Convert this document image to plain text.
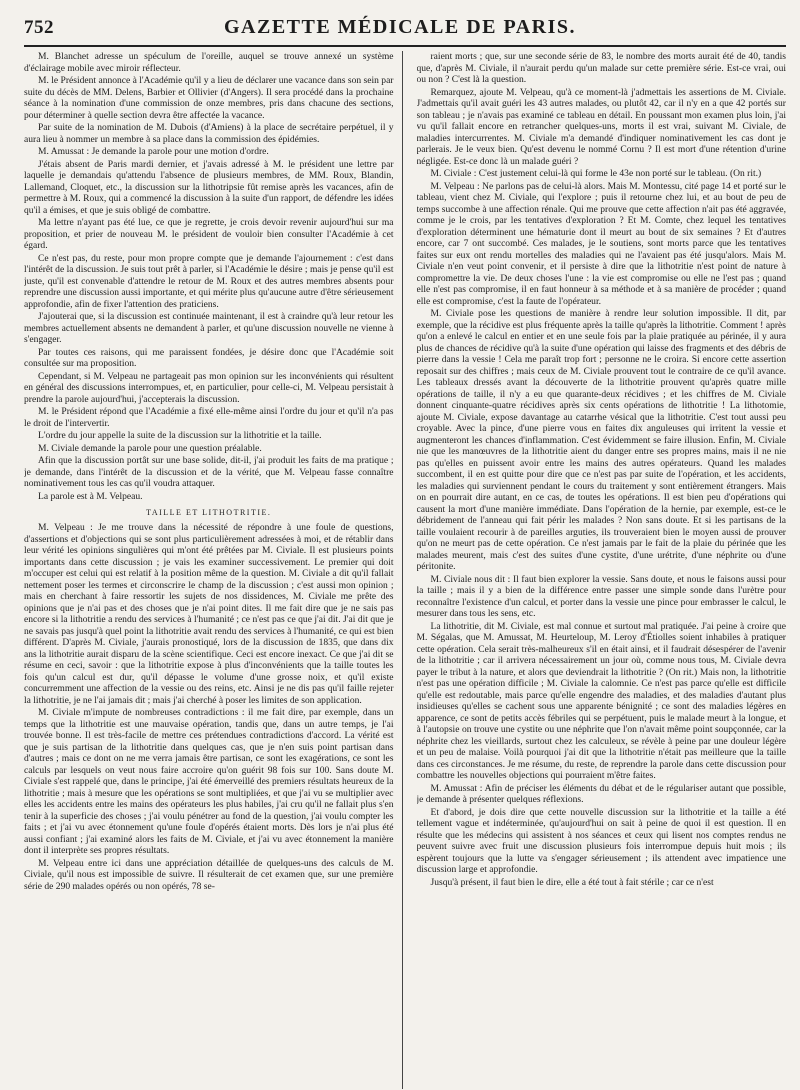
752	GAZETTE MÉDICALE DE PARIS.

M. Blanchet adresse un spéculum de l'oreille, auquel se trouve annexé un système d'éclairage mobile avec miroir réflecteur.

M. le Président annonce à l'Académie qu'il y a lieu de déclarer une vacance dans son sein par suite du décès de MM. Delens, Barbier et Ollivier (d'Angers). Il sera procédé dans la prochaine séance à la nomination d'une commission de onze membres, pris dans chacune des sections, pour déterminer à quelle section devra être affectée la vacance.

Par suite de la nomination de M. Dubois (d'Amiens) à la place de secrétaire perpétuel, il y aura lieu à nommer un membre à sa place dans la commission des épidémies.

M. Amussat : Je demande la parole pour une motion d'ordre.

J'étais absent de Paris mardi dernier, et j'avais adressé à M. le président une lettre par laquelle je demandais qu'attendu l'absence de plusieurs membres, de MM. Roux, Blandin, Lallemand, Cloquet, etc., la discussion sur la lithotripsie fût remise après les vacances, afin de permettre à M. Roux, qui a commencé la discussion à la suite d'un rapport, de défendre les idées qu'il a émises, et que je suis obligé de combattre.

Ma lettre n'ayant pas été lue, ce que je regrette, je crois devoir revenir aujourd'hui sur ma proposition, et prier de nouveau M. le président de vouloir bien consulter l'Académie à cet égard.

Ce n'est pas, du reste, pour mon propre compte que je demande l'ajournement : c'est dans l'intérêt de la discussion. Je suis tout prêt à parler, si l'Académie le désire ; mais je pense qu'il est juste, qu'il est convenable d'attendre le retour de M. Roux et des autres membres absents pour reprendre une discussion aussi importante, et qui mérite plus qu'aucune autre d'être sérieusement approfondie, afin de fixer l'attention des praticiens.

J'ajouterai que, si la discussion est continuée maintenant, il est à craindre qu'à leur retour les membres actuellement absents ne demandent à parler, et qu'une discussion nouvelle ne vienne à s'engager.

Par toutes ces raisons, qui me paraissent fondées, je désire donc que l'Académie soit consultée sur ma proposition.

Cependant, si M. Velpeau ne partageait pas mon opinion sur les inconvénients qui résultent en général des discussions interrompues, et, en particulier, pour celle-ci, M. Velpeau persistait à prendre la parole aujourd'hui, j'accepterais la discussion.

M. le Président répond que l'Académie a fixé elle-même ainsi l'ordre du jour et qu'il n'a pas le droit de l'intervertir.

L'ordre du jour appelle la suite de la discussion sur la lithotritie et la taille.

M. Civiale demande la parole pour une question préalable.

Afin que la discussion portât sur une base solide, dit-il, j'ai produit les faits de ma pratique ; je demande, dans l'intérêt de la discussion et de la vérité, que M. Velpeau fasse connaître nominativement tous les cas qu'il voudra attaquer.

La parole est à M. Velpeau.

TAILLE ET LITHOTRITIE.

M. Velpeau : Je me trouve dans la nécessité de répondre à une foule de questions, d'assertions et d'objections qui se sont plus particulièrement adressées à moi, et de rétablir dans leur vérité les opinions singulières qui m'ont été prêtées par M. Civiale. Il est plusieurs points importants dans cette discussion ; je vais les examiner successivement. Le premier qui doit m'occuper est celui qui est relatif à la position même de la question. M. Civiale a dit qu'il fallait nettement poser les termes et circonscrire le champ de la discussion ; c'est aussi mon opinion ; mais en cherchant à faire ressortir les sujets de nos dissidences, M. Civiale me prête des opinions que je n'ai pas et des choses que je n'ai point dites. Il me fait dire que je ne sais pas encore si la lithotritie a rendu des services à l'humanité ; ce n'est pas ce que j'ai dit. J'ai dit que je ne savais pas jusqu'à quel point la lithotritie avait rendu des services à l'humanité, ce qui est bien différent. D'après M. Civiale, j'aurais pronostiqué, lors de la discussion de 1835, que dans dix ans la lithotritie aurait disparu de la scène scientifique. Ceci est encore inexact. Ce que j'ai dit se résume en ceci, savoir : que la lithotritie expose à plus d'inconvénients que la taille toutes les fois qu'un calcul est dur, qu'il dépasse le volume d'une grosse noix, et qu'il existe concurremment une affection de la vessie ou des reins, etc. Ainsi je ne dis pas qu'il faille rejeter la lithotritie, je ne l'ai jamais dit ; mais j'ai cherché à poser les limites de son application.

M. Civiale m'impute de nombreuses contradictions : il me fait dire, par exemple, dans un temps que la lithotritie est une mauvaise opération, tandis que, dans un autre temps, je l'ai trouvée bonne. Il est très-facile de mettre ces prétendues contradictions d'accord. La vérité est que je suis partisan de la lithotritie dans quelques cas, que je n'en suis point partisan dans d'autres ; mais ce dont on ne me verra jamais être partisan, ce sont les exagérations, ce sont les calculs par lesquels on veut nous faire accroire qu'on guérit 98 fois sur 100. Sans doute M. Civiale s'est rappelé que, dans le principe, j'ai été émerveillé des premiers résultats heureux de la lithotritie ; mais à mesure que les opérations se sont multipliées, et que j'ai vu se multiplier avec elles les accidents entre les mains des opérateurs les plus habiles, j'ai cru qu'il ne fallait plus s'en tenir à la superficie des choses ; j'ai voulu pénétrer au fond de la question, j'ai voulu compter les faits ; et j'ai vu avec étonnement qu'une foule d'opérés étaient morts. Dès lors je n'ai plus été aussi confiant ; j'ai examiné alors les faits de M. Civiale, et j'ai vu avec étonnement la manière dont il interprète ses propres résultats.

M. Velpeau entre ici dans une appréciation détaillée de quelques-uns des calculs de M. Civiale, qu'il nous est impossible de suivre. Il résulterait de cet examen que, sur une première série de 290 malades opérés ou non opérés, 78 se-

raient morts ; que, sur une seconde série de 83, le nombre des morts aurait été de 40, tandis que, d'après M. Civiale, il n'aurait perdu qu'un malade sur cette première série. Est-ce vrai, oui ou non ? C'est là la question.

Remarquez, ajoute M. Velpeau, qu'à ce moment-là j'admettais les assertions de M. Civiale. J'admettais qu'il avait guéri les 43 autres malades, ou plutôt 42, car il n'y en a que 42 portés sur son tableau ; je n'avais pas examiné ce tableau en détail. En poussant mon examen plus loin, j'ai vu qu'il fallait encore en retrancher quelques-uns, morts il est vrai, suivant M. Civiale, de maladies intercurrentes. M. Civiale m'a demandé d'indiquer nominativement les cas dont je parlerais. Je le veux bien. Qu'est devenu le nommé Cornu ? Il est mort d'une rétention d'urine négligée. Est-ce donc là un malade guéri ?

M. Civiale : C'est justement celui-là qui forme le 43e non porté sur le tableau. (On rit.)

M. Velpeau : Ne parlons pas de celui-là alors. Mais M. Montessu, cité page 14 et porté sur le tableau, vient chez M. Civiale, qui l'explore ; puis il retourne chez lui, et au bout de peu de temps succombe à une affection rénale. Qui me prouve que cette affection n'ait pas été aggravée, comme je le crois, par les tentatives d'exploration ? Et M. Comte, chez lequel les tentatives d'exploration déterminent une hématurie dont il meurt au bout de six semaines ? Et d'autres encore, car 7 ont succombé. Ces malades, je le soutiens, sont morts parce que les tentatives faites sur eux ont rendu mortelles des maladies qui ne l'avaient pas été jusqu'alors. Mais M. Civiale n'en veut point convenir, et il persiste à dire que la lithotritie n'est point de nature à compromettre la vie. De deux choses l'une : la vie est compromise ou elle ne l'est pas ; quand elle n'est pas compromise, il en faut honneur à sa méthode et à sa manière de procéder ; quand elle est compromise, c'est la faute de l'opérateur.

M. Civiale pose les questions de manière à rendre leur solution impossible. Il dit, par exemple, que la récidive est plus fréquente après la taille qu'après la lithotritie. Comment ! après qu'on a enlevé le calcul en entier et en une seule fois par la plaie pratiquée au périnée, il y aura plus de chances de récidive qu'à la suite d'une opération qui laisse des fragments et des débris de pierre dans la vessie ! Cela me paraît trop fort ; personne ne le croira. Si encore cette assertion reposait sur des chiffres ; mais ceux de M. Civiale prouvent tout le contraire de ce qu'il avance. Les tableaux dressés avant la découverte de la lithotritie prouvent qu'après quatre mille opérations de taille, il n'y a eu que quarante-deux récidives ; et les chiffres de M. Civiale donnent cinquante-quatre récidives après six cents opérations de lithotritie ! La lithotomie, ajoute M. Civiale, expose davantage au catarrhe vésical que la lithotritie. C'est tout aussi peu croyable. Avec la pince, d'une pierre vous en faites dix anguleuses qui irritent la vessie et augmenteront les chances d'inflammation. C'est évidemment se faire illusion. Enfin, M. Civiale nie que les manœuvres de la lithotritie aient du danger entre ses propres mains, mais il ne nie pas qu'elles en puissent avoir entre les mains des autres opérateurs. Quand les malades succombent, il en est quitte pour dire que ce n'est pas par suite de l'opération, et les accidents, les maladies qui surviennent pendant le cours du traitement y sont entièrement étrangers. Mais on en pourrait dire autant, en ce cas, de toutes les opérations. Il est bien peu d'opérations qui causent la mort d'une manière immédiate. Dans l'opération de la hernie, par exemple, est-ce le débridement de l'anneau qui fait périr les malades ? Non sans doute. Et si les partisans de la taille voulaient recourir à de pareilles arguties, ils trouveraient bien le moyen aussi de prouver qu'on ne meurt pas de cette opération. Ce n'est jamais par le fait de la plaie du périnée que les malades meurent, mais c'est des suites d'une cystite, d'une urétrite, d'une néphrite ou d'une péritonite.

M. Civiale nous dit : Il faut bien explorer la vessie. Sans doute, et nous le faisons aussi pour la taille ; mais il y a bien de la différence entre passer une simple sonde dans l'urètre pour reconnaître l'existence d'un calcul, et porter dans la vessie une pince pour embrasser le calcul, le mesurer dans tous les sens, etc.

La lithotritie, dit M. Civiale, est mal connue et surtout mal pratiquée. J'ai peine à croire que M. Ségalas, que M. Amussat, M. Heurteloup, M. Leroy d'Étiolles soient inhabiles à pratiquer cette opération. Cela serait très-malheureux s'il en était ainsi, et il faudrait désespérer de l'avenir de la lithotritie ; car il arrivera nécessairement un jour où, comme nous tous, M. Civiale devra payer le tribut à la nature, et alors que deviendrait la lithotritie ? (On rit.) Mais non, la lithotritie n'est pas une opération difficile ; M. Civiale la calomnie. Ce n'est pas parce qu'elle est difficile qu'elle est redoutable, mais parce qu'elle engendre des maladies, et des maladies d'autant plus insidieuses qu'elles se cachent sous une apparente bénignité ; ce sont des maladies légères en apparence, ce sont de petits accès fébriles qui se perpétuent, puis le malade meurt à la longue, et à l'autopsie on trouve une cystite ou une néphrite que l'on n'avait même point soupçonnée, car la néphrite chez les vieillards, surtout chez les calculeux, se révèle à peine par une douleur légère et un peu de malaise. Voilà pourquoi j'ai dit que la lithotritie n'était pas meilleure que la taille dans ces circonstances. Je me résume, du reste, de reprendre la parole dans cette discussion pour combattre les nouvelles objections qui pourraient m'être faites.

M. Amussat : Afin de préciser les éléments du débat et de le régulariser autant que possible, je demande à présenter quelques réflexions.

Et d'abord, je dois dire que cette nouvelle discussion sur la lithotritie et la taille a été tellement vague et indéterminée, qu'aujourd'hui on sait à peine de quoi il est question. Il en résulte que les médecins qui assistent à nos séances et ceux qui lisent nos comptes rendus ne peuvent suivre avec fruit une discussion plusieurs fois interrompue depuis huit mois ; ils espèrent toujours que la lutte va s'engager sérieusement ; ils attendent avec impatience une discussion large et approfondie.

Jusqu'à présent, il faut bien le dire, elle a été tout à fait stérile ; car ce n'est
